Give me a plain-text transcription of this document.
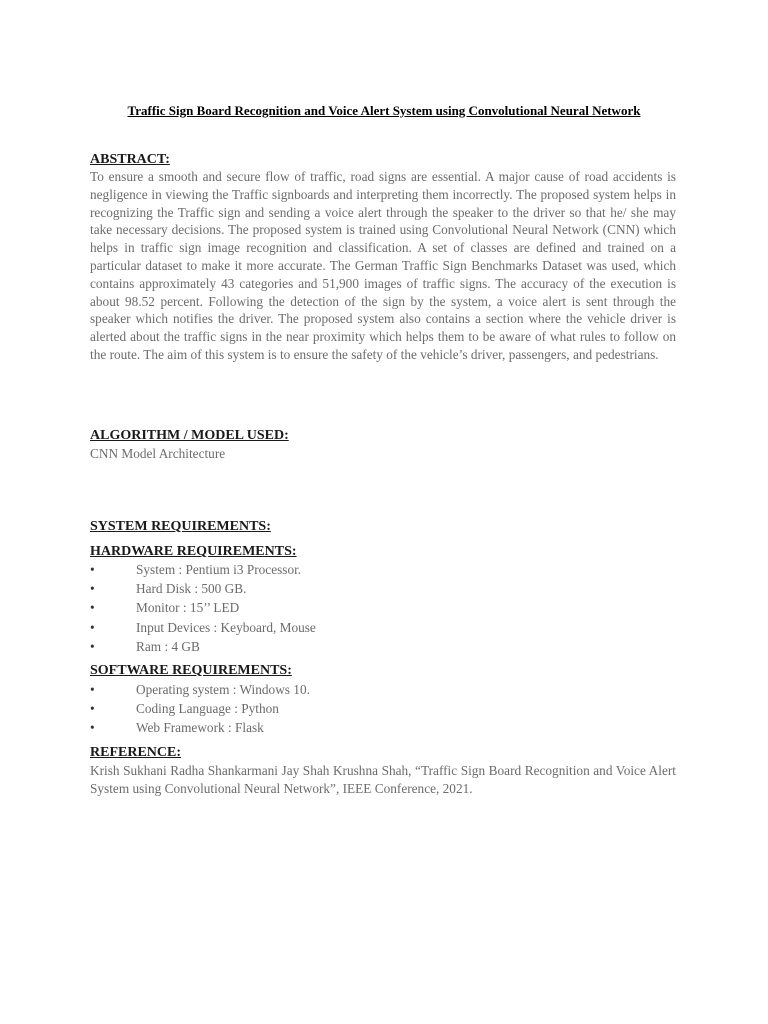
Traffic Sign Board Recognition and Voice Alert System using Convolutional Neural Network
ABSTRACT:
To ensure a smooth and secure flow of traffic, road signs are essential. A major cause of road accidents is negligence in viewing the Traffic signboards and interpreting them incorrectly. The proposed system helps in recognizing the Traffic sign and sending a voice alert through the speaker to the driver so that he/ she may take necessary decisions. The proposed system is trained using Convolutional Neural Network (CNN) which helps in traffic sign image recognition and classification. A set of classes are defined and trained on a particular dataset to make it more accurate. The German Traffic Sign Benchmarks Dataset was used, which contains approximately 43 categories and 51,900 images of traffic signs. The accuracy of the execution is about 98.52 percent. Following the detection of the sign by the system, a voice alert is sent through the speaker which notifies the driver. The proposed system also contains a section where the vehicle driver is alerted about the traffic signs in the near proximity which helps them to be aware of what rules to follow on the route. The aim of this system is to ensure the safety of the vehicle’s driver, passengers, and pedestrians.
ALGORITHM / MODEL USED:
CNN Model Architecture
SYSTEM REQUIREMENTS:
HARDWARE REQUIREMENTS:
•	System : Pentium i3 Processor.
•	Hard Disk : 500 GB.
•	Monitor : 15’’ LED
•	Input Devices : Keyboard, Mouse
•	Ram : 4 GB
SOFTWARE REQUIREMENTS:
•	Operating system : Windows 10.
•	Coding Language : Python
•	Web Framework : Flask
REFERENCE:
Krish Sukhani Radha Shankarmani Jay Shah Krushna Shah, “Traffic Sign Board Recognition and Voice Alert System using Convolutional Neural Network”, IEEE Conference, 2021.
